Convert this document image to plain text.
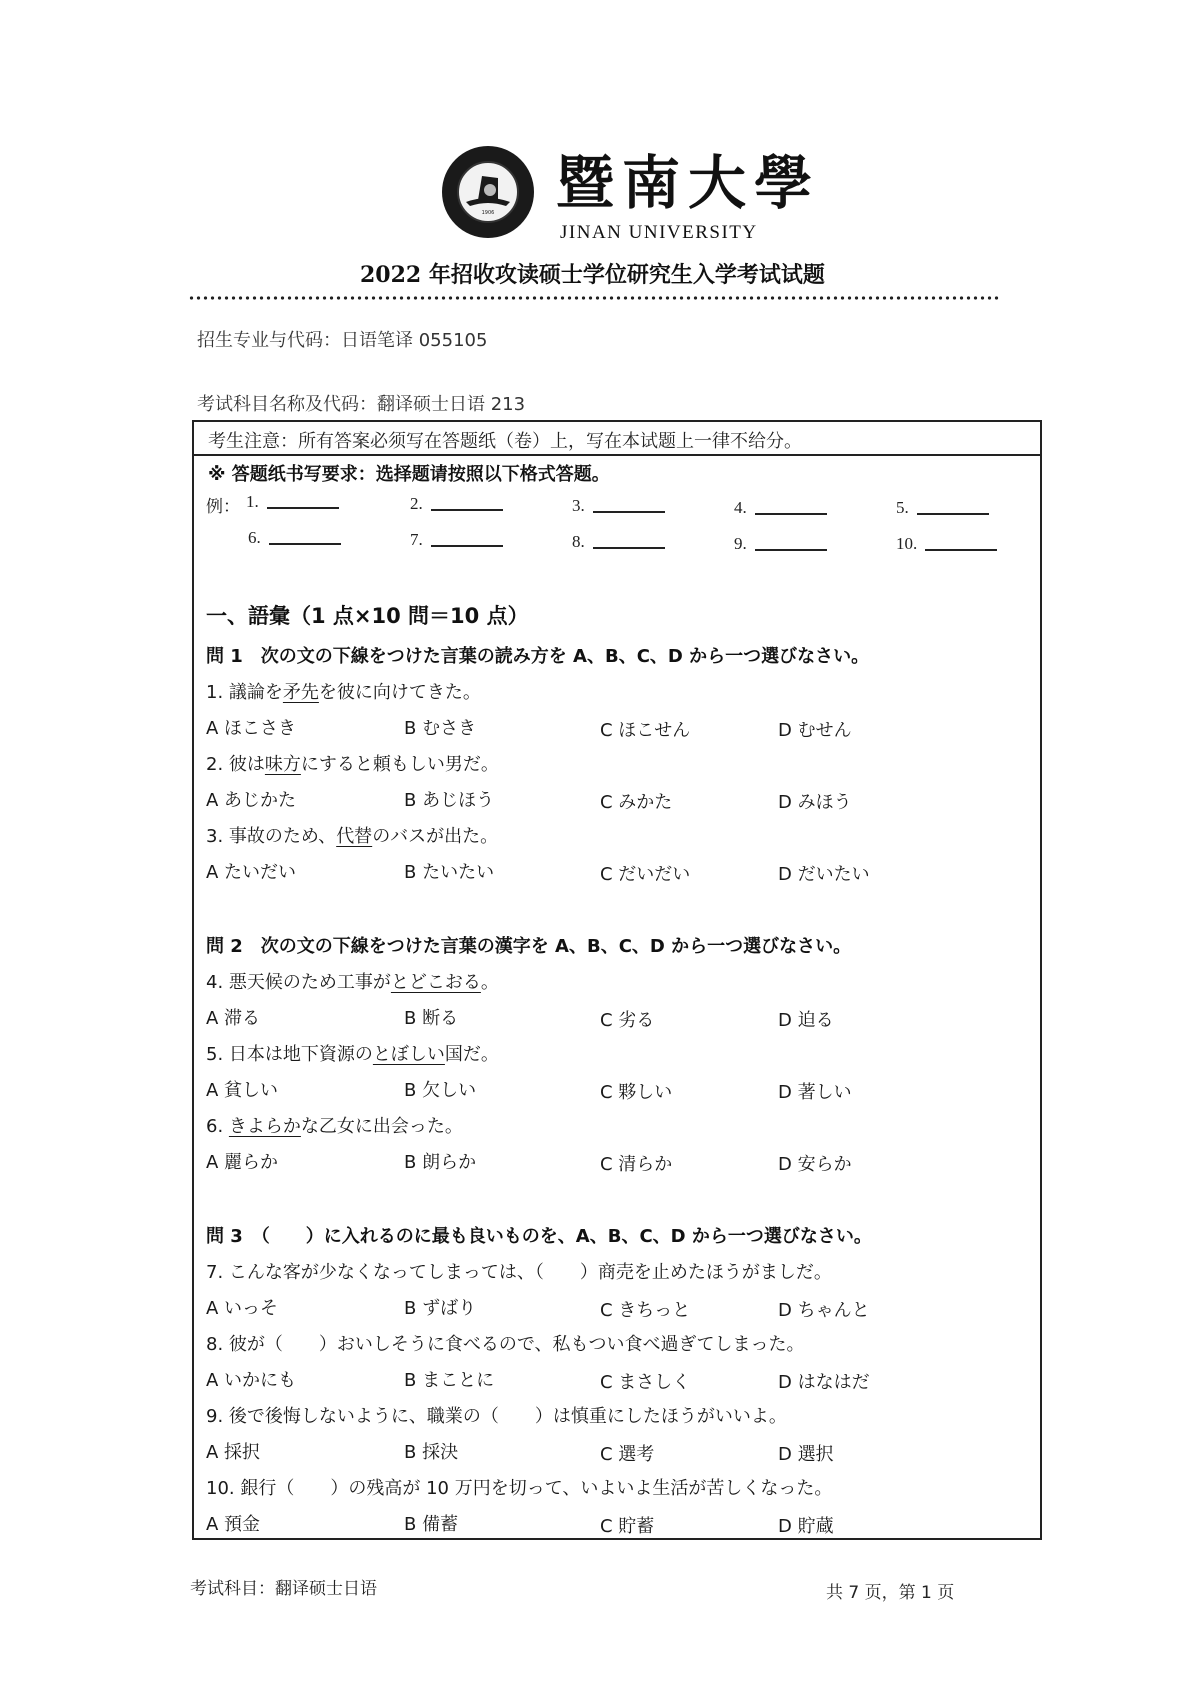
1906 暨南大學
JINAN UNIVERSITY
2022 年招收攻读硕士学位研究生入学考试试题
招生专业与代码：日语笔译 055105
考试科目名称及代码：翻译硕士日语 213
考生注意：所有答案必须写在答题纸（卷）上，写在本试题上一律不给分。
※ 答题纸书写要求：选择题请按照以下格式答题。
例： 1.	2.	3.	4.	5.
6.	7.	8.	9.	10.
一、語彙（1 点×10 問＝10 点）
問 1　次の文の下線をつけた言葉の読み方を A、B、C、D から一つ選びなさい。
1. 議論を矛先を彼に向けてきた。
A ほこさき	B むさき	C ほこせん	D むせん
2. 彼は味方にすると頼もしい男だ。
A あじかた	B あじほう	C みかた	D みほう
3. 事故のため、代替のバスが出た。
A たいだい	B たいたい	C だいだい	D だいたい
4. 悪天候のため工事がとどこおる。
A 滞る	B 断る	C 劣る	D 迫る
5. 日本は地下資源のとぼしい国だ。
A 貧しい	B 欠しい	C 夥しい	D 著しい
6. きよらかな乙女に出会った。
A 麗らか	B 朗らか	C 清らか	D 安らか
7. こんな客が少なくなってしまっては、（　　）商売を止めたほうがましだ。
A いっそ	B ずばり	C きちっと	D ちゃんと
8. 彼が（　　）おいしそうに食べるので、私もつい食べ過ぎてしまった。
A いかにも	B まことに	C まさしく	D はなはだ
9. 後で後悔しないように、職業の（　　）は慎重にしたほうがいいよ。
A 採択	B 採決	C 選考	D 選択
10. 銀行（　　）の残高が 10 万円を切って、いよいよ生活が苦しくなった。
A 預金	B 備蓄	C 貯蓄	D 貯蔵
問 2　次の文の下線をつけた言葉の漢字を A、B、C、D から一つ選びなさい。
問 3　（　　）に入れるのに最も良いものを、A、B、C、D から一つ選びなさい。
考试科目：翻译硕士日语	共 7 页，第 1 页
